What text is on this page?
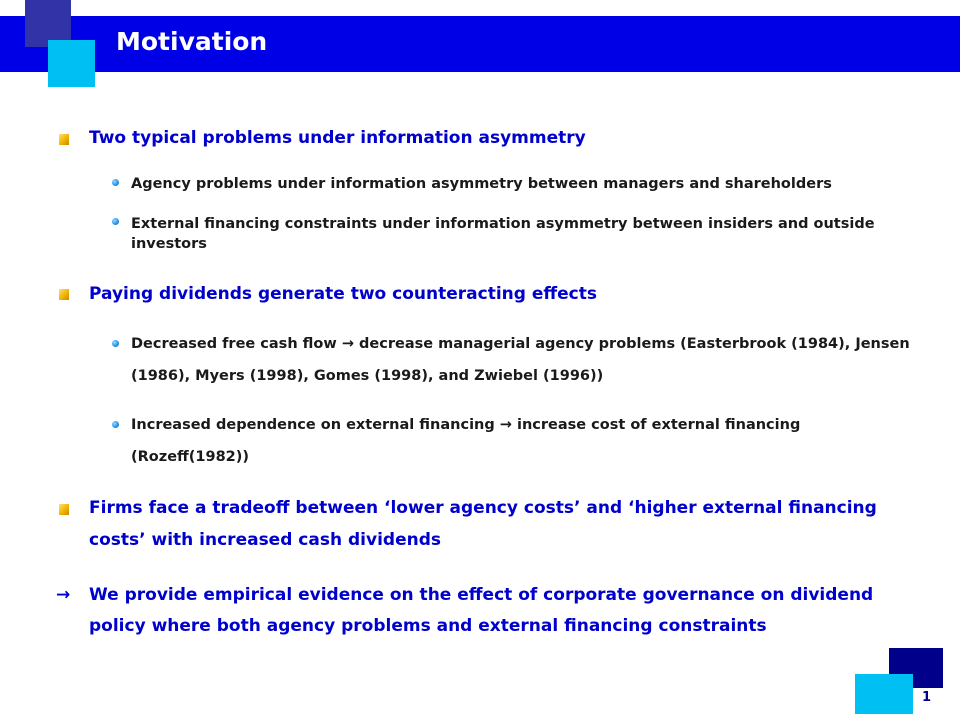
Motivation
1
Two typical problems under information asymmetry
Agency problems under information asymmetry between managers and shareholders
External financing constraints under information asymmetry between insiders and outside investors
Paying dividends generate two counteracting effects
Decreased free cash flow → decrease managerial agency problems (Easterbrook (1984), Jensen (1986), Myers (1998), Gomes (1998), and Zwiebel (1996))
Increased dependence on external financing → increase cost of external financing (Rozeff(1982))
Firms face a tradeoff between ‘lower agency costs’ and ‘higher external financing costs’ with increased cash dividends
→ We provide empirical evidence on the effect of corporate governance on dividend policy where both agency problems and external financing constraints
